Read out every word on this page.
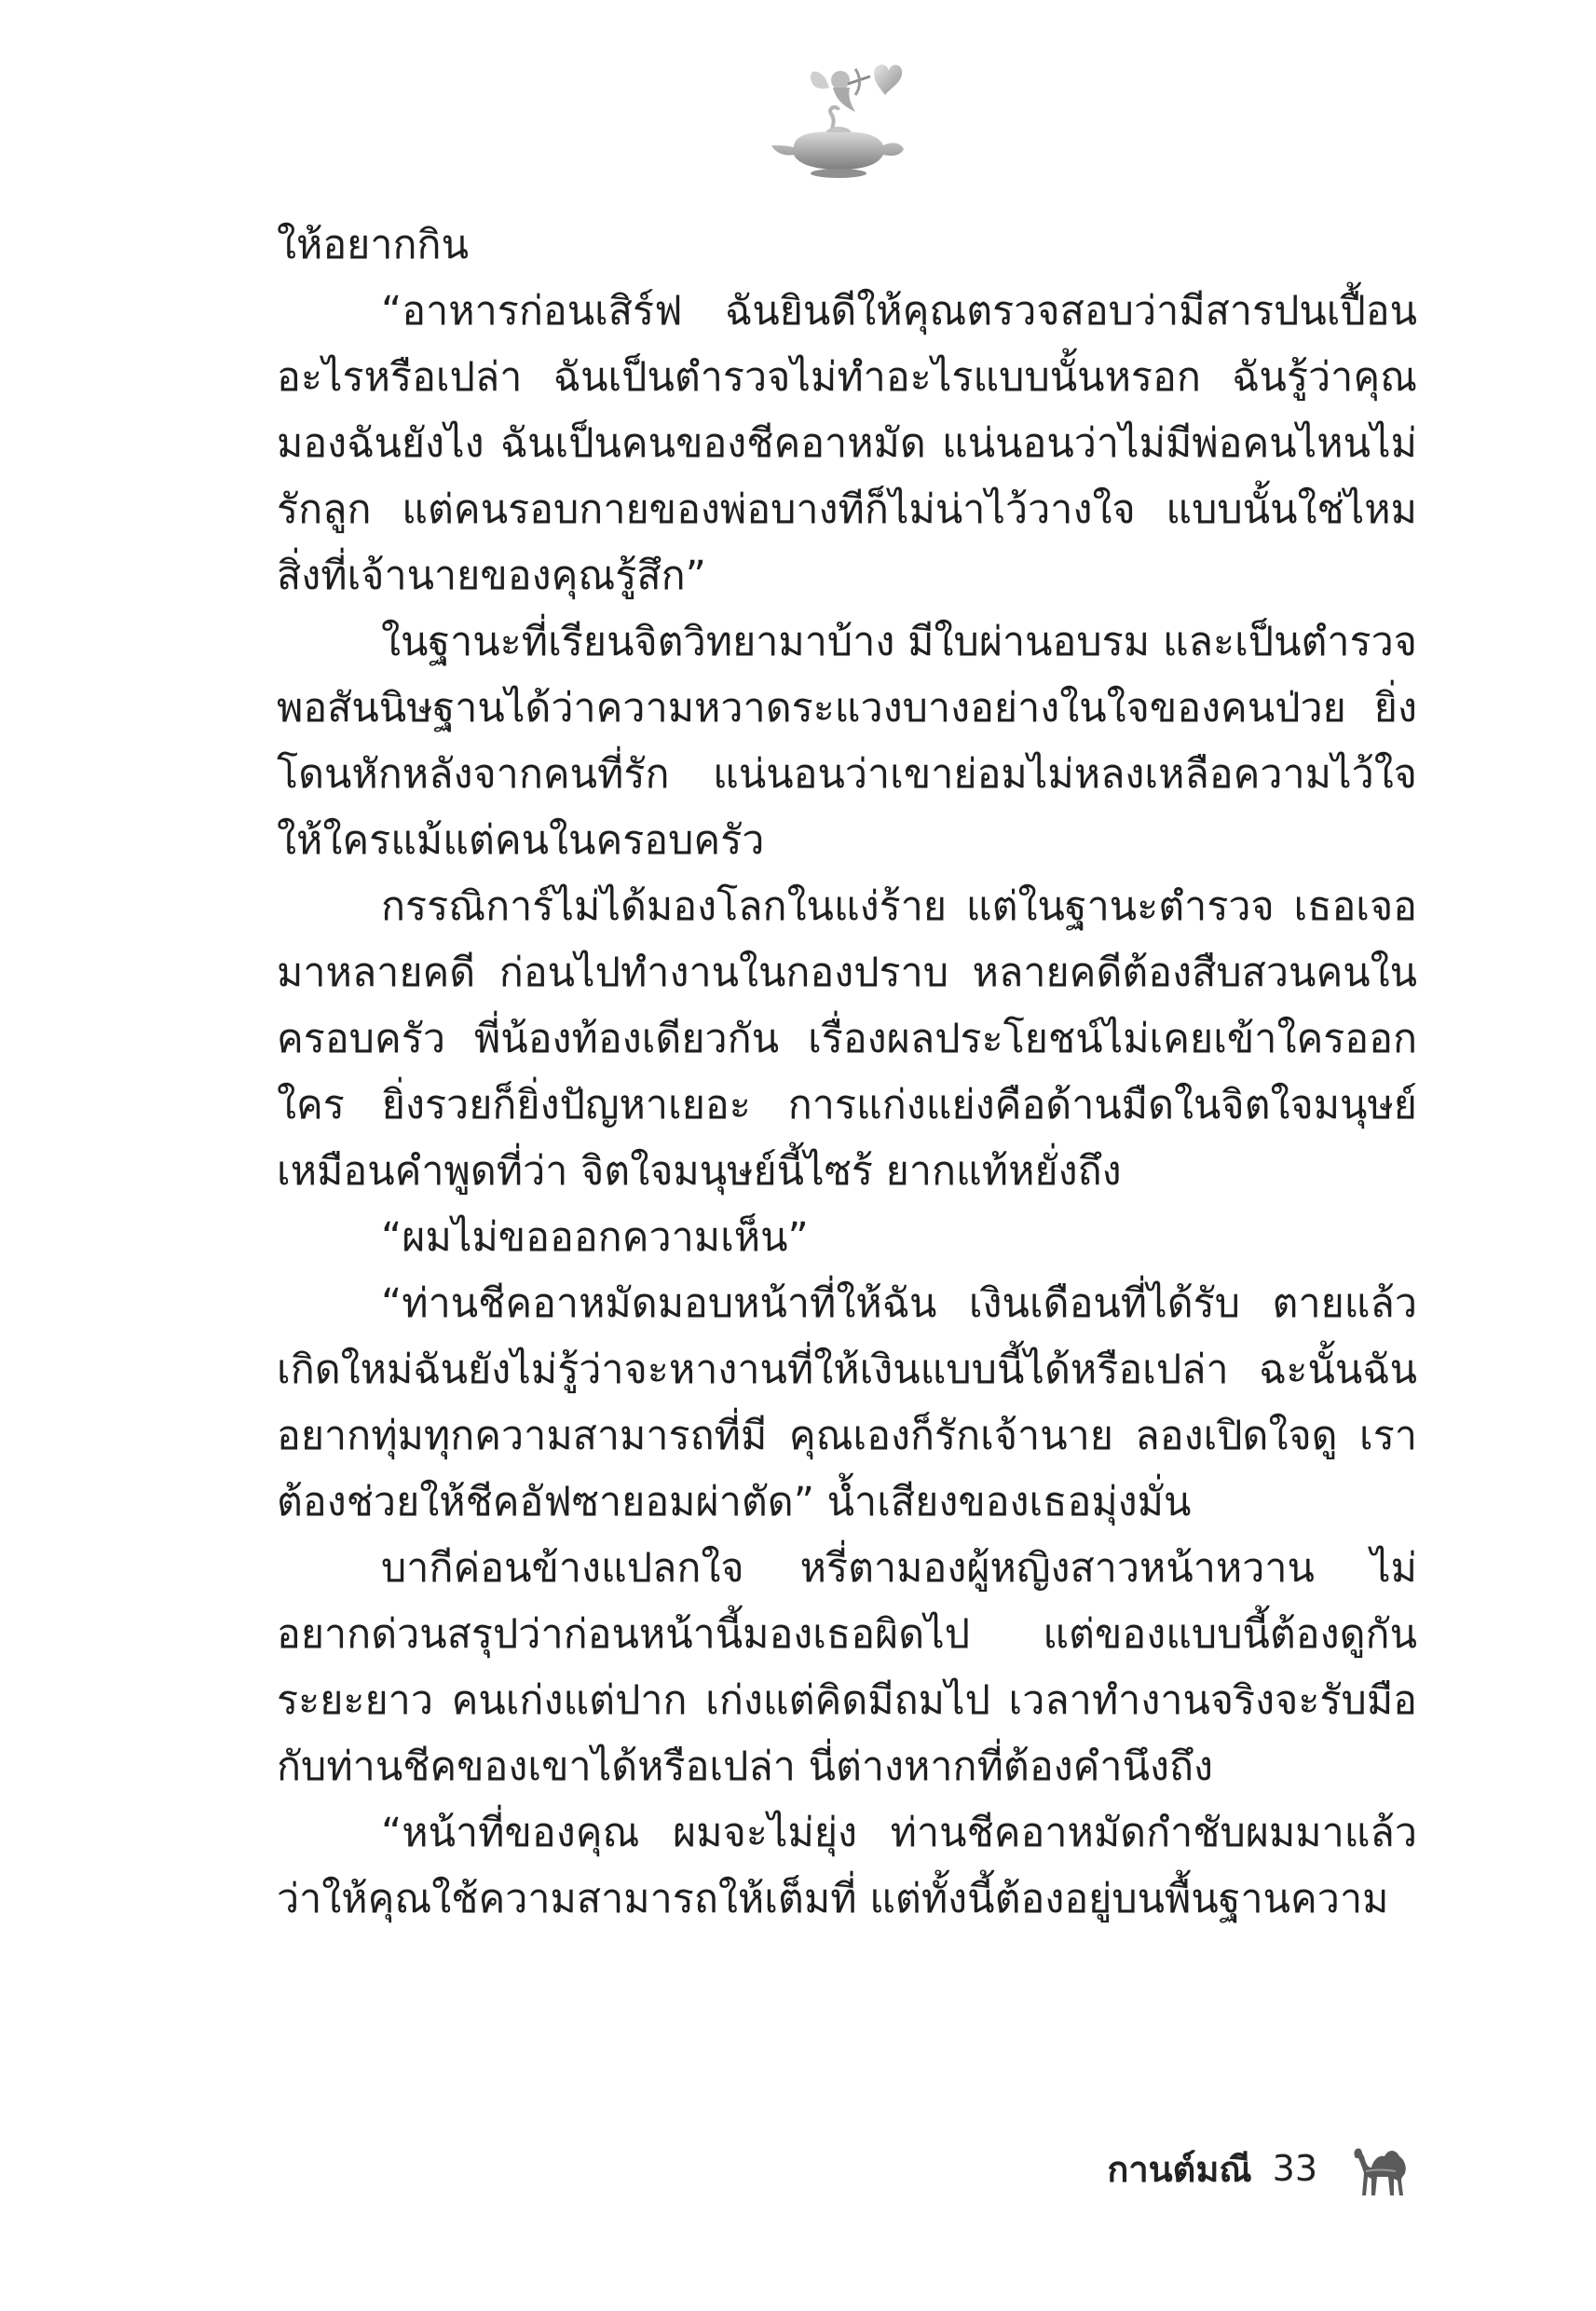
ให้อยากกิน

“อาหารก่อนเสิร์ฟ ฉันยินดีให้คุณตรวจสอบว่ามีสารปนเปื้อนอะไรหรือเปล่า ฉันเป็นตำรวจไม่ทำอะไรแบบนั้นหรอก ฉันรู้ว่าคุณมองฉันยังไง ฉันเป็นคนของชีคอาหมัด แน่นอนว่าไม่มีพ่อคนไหนไม่รักลูก แต่คนรอบกายของพ่อบางทีก็ไม่น่าไว้วางใจ แบบนั้นใช่ไหมสิ่งที่เจ้านายของคุณรู้สึก”

ในฐานะที่เรียนจิตวิทยามาบ้าง มีใบผ่านอบรม และเป็นตำรวจพอสันนิษฐานได้ว่าความหวาดระแวงบางอย่างในใจของคนป่วย ยิ่งโดนหักหลังจากคนที่รัก แน่นอนว่าเขาย่อมไม่หลงเหลือความไว้ใจให้ใครแม้แต่คนในครอบครัว

กรรณิการ์ไม่ได้มองโลกในแง่ร้าย แต่ในฐานะตำรวจ เธอเจอมาหลายคดี ก่อนไปทำงานในกองปราบ หลายคดีต้องสืบสวนคนในครอบครัว พี่น้องท้องเดียวกัน เรื่องผลประโยชน์ไม่เคยเข้าใครออกใคร ยิ่งรวยก็ยิ่งปัญหาเยอะ การแก่งแย่งคือด้านมืดในจิตใจมนุษย์ เหมือนคำพูดที่ว่า จิตใจมนุษย์นี้ไซร้ ยากแท้หยั่งถึง

“ผมไม่ขอออกความเห็น”

“ท่านชีคอาหมัดมอบหน้าที่ให้ฉัน เงินเดือนที่ได้รับ ตายแล้วเกิดใหม่ฉันยังไม่รู้ว่าจะหางานที่ให้เงินแบบนี้ได้หรือเปล่า ฉะนั้นฉันอยากทุ่มทุกความสามารถที่มี คุณเองก็รักเจ้านาย ลองเปิดใจดู เราต้องช่วยให้ชีคอัฟซายอมผ่าตัด” น้ำเสียงของเธอมุ่งมั่น

บากีค่อนข้างแปลกใจ หรี่ตามองผู้หญิงสาวหน้าหวาน ไม่อยากด่วนสรุปว่าก่อนหน้านี้มองเธอผิดไป แต่ของแบบนี้ต้องดูกันระยะยาว คนเก่งแต่ปาก เก่งแต่คิดมีถมไป เวลาทำงานจริงจะรับมือกับท่านชีคของเขาได้หรือเปล่า นี่ต่างหากที่ต้องคำนึงถึง

“หน้าที่ของคุณ ผมจะไม่ยุ่ง ท่านชีคอาหมัดกำชับผมมาแล้วว่าให้คุณใช้ความสามารถให้เต็มที่ แต่ทั้งนี้ต้องอยู่บนพื้นฐานความ

กานต์มณี 33
